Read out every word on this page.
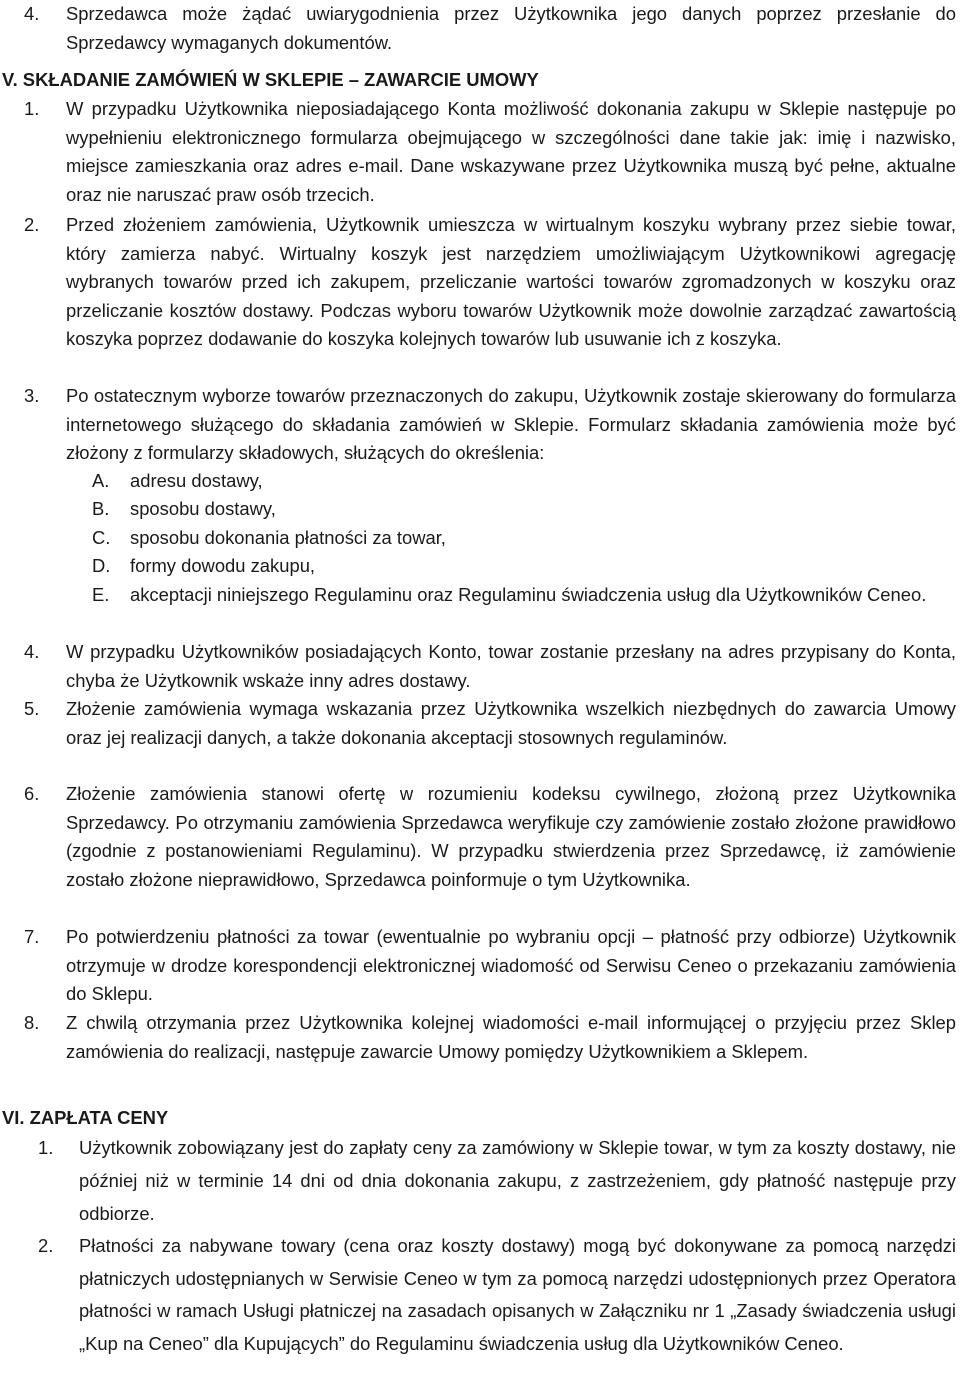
4. Sprzedawca może żądać uwiarygodnienia przez Użytkownika jego danych poprzez przesłanie do Sprzedawcy wymaganych dokumentów.
V. SKŁADANIE ZAMÓWIEŃ W SKLEPIE – ZAWARCIE UMOWY
1. W przypadku Użytkownika nieposiadającego Konta możliwość dokonania zakupu w Sklepie następuje po wypełnieniu elektronicznego formularza obejmującego w szczególności dane takie jak: imię i nazwisko, miejsce zamieszkania oraz adres e-mail. Dane wskazywane przez Użytkownika muszą być pełne, aktualne oraz nie naruszać praw osób trzecich.
2. Przed złożeniem zamówienia, Użytkownik umieszcza w wirtualnym koszyku wybrany przez siebie towar, który zamierza nabyć. Wirtualny koszyk jest narzędziem umożliwiającym Użytkownikowi agregację wybranych towarów przed ich zakupem, przeliczanie wartości towarów zgromadzonych w koszyku oraz przeliczanie kosztów dostawy. Podczas wyboru towarów Użytkownik może dowolnie zarządzać zawartością koszyka poprzez dodawanie do koszyka kolejnych towarów lub usuwanie ich z koszyka.
3. Po ostatecznym wyborze towarów przeznaczonych do zakupu, Użytkownik zostaje skierowany do formularza internetowego służącego do składania zamówień w Sklepie. Formularz składania zamówienia może być złożony z formularzy składowych, służących do określenia:
A. adresu dostawy,
B. sposobu dostawy,
C. sposobu dokonania płatności za towar,
D. formy dowodu zakupu,
E. akceptacji niniejszego Regulaminu oraz Regulaminu świadczenia usług dla Użytkowników Ceneo.
4. W przypadku Użytkowników posiadających Konto, towar zostanie przesłany na adres przypisany do Konta, chyba że Użytkownik wskaże inny adres dostawy.
5. Złożenie zamówienia wymaga wskazania przez Użytkownika wszelkich niezbędnych do zawarcia Umowy oraz jej realizacji danych, a także dokonania akceptacji stosownych regulaminów.
6. Złożenie zamówienia stanowi ofertę w rozumieniu kodeksu cywilnego, złożoną przez Użytkownika Sprzedawcy. Po otrzymaniu zamówienia Sprzedawca weryfikuje czy zamówienie zostało złożone prawidłowo (zgodnie z postanowieniami Regulaminu). W przypadku stwierdzenia przez Sprzedawcę, iż zamówienie zostało złożone nieprawidłowo, Sprzedawca poinformuje o tym Użytkownika.
7. Po potwierdzeniu płatności za towar (ewentualnie po wybraniu opcji – płatność przy odbiorze) Użytkownik otrzymuje w drodze korespondencji elektronicznej wiadomość od Serwisu Ceneo o przekazaniu zamówienia do Sklepu.
8. Z chwilą otrzymania przez Użytkownika kolejnej wiadomości e-mail informującej o przyjęciu przez Sklep zamówienia do realizacji, następuje zawarcie Umowy pomiędzy Użytkownikiem a Sklepem.
VI. ZAPŁATA CENY
1. Użytkownik zobowiązany jest do zapłaty ceny za zamówiony w Sklepie towar, w tym za koszty dostawy, nie później niż w terminie 14 dni od dnia dokonania zakupu, z zastrzeżeniem, gdy płatność następuje przy odbiorze.
2. Płatności za nabywane towary (cena oraz koszty dostawy) mogą być dokonywane za pomocą narzędzi płatniczych udostępnianych w Serwisie Ceneo w tym za pomocą narzędzi udostępnionych przez Operatora płatności w ramach Usługi płatniczej na zasadach opisanych w Załączniku nr 1 „Zasady świadczenia usługi „Kup na Ceneo” dla Kupujących” do Regulaminu świadczenia usług dla Użytkowników Ceneo.
